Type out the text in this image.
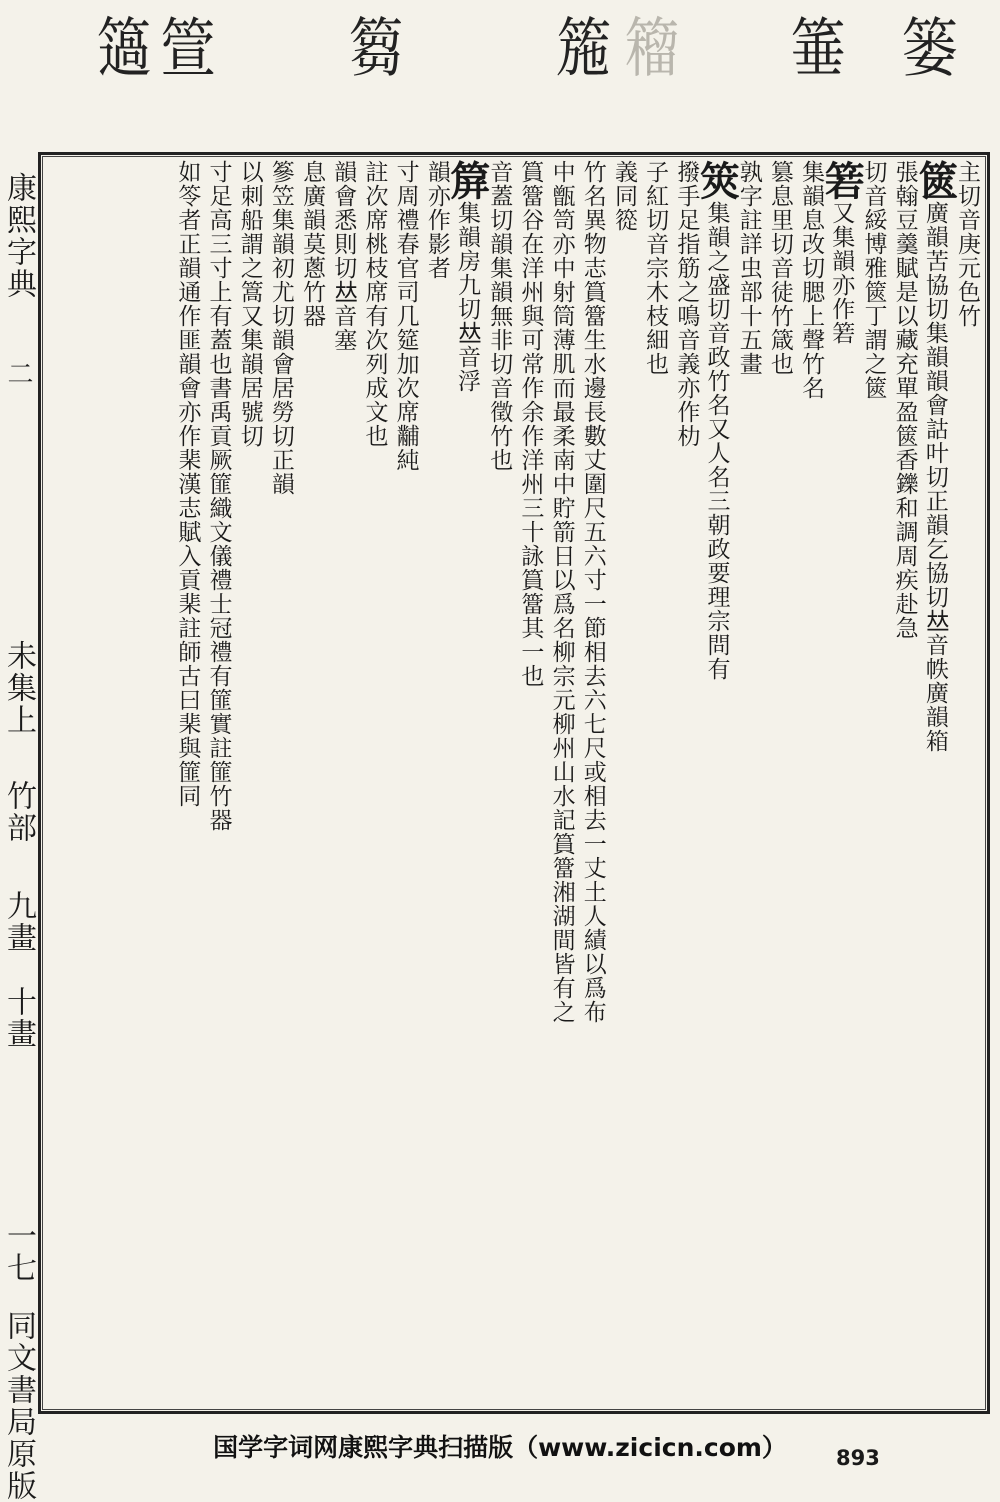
簻 箮 篘	箷 籕 箠 篓
康熙字典
二
未集上
竹部
九畫　十畫
一七
同文書局原版
主切音庚元色竹
篋廣韻苦協切集韻韻會詁叶切正韻乞協切𠀤音帙廣韻箱
張翰豆羹賦是以藏充單盈篋香鑠和調周疾赴急
切音綏博雅篋丁謂之篋
箬又集韻亦作箬
集韻息改切腮上聲竹名
篡息里切音徒竹箴也
孰字註詳虫部十五畫
筴集韻之盛切音政竹名又人名三朝政要理宗問有
撥手足指筋之鳴音義亦作朸
子紅切音宗木枝細也
義同篵
竹名異物志篔簹生水邊長數丈圍尺五六寸一節相去六七尺或相去一丈土人績以爲布
中甑笥亦中射筒薄肌而最柔南中貯箭日以爲名柳宗元柳州山水記篔簹湘湖間皆有之
篔簹谷在洋州與可常作余作洋州三十詠篔簹其一也
音蓋切韻集韻無非切音徵竹也
箳集韻房九切𠀤音浮
韻亦作影者
寸周禮春官司几筵加次席黼純
註次席桃枝席有次列成文也
韻會悉則切𠀤音塞
息廣韻莫蔥竹器
篸笠集韻初尤切韻會居勞切正韻
以刺船謂之篙又集韻居號切
寸足高三寸上有蓋也書禹貢厥篚織文儀禮士冠禮有篚實註篚竹器
如笭者正韻通作匪韻會亦作棐漢志賦入貢棐註師古曰棐與篚同
国学字词网康熙字典扫描版（www.zicicn.com）	893
